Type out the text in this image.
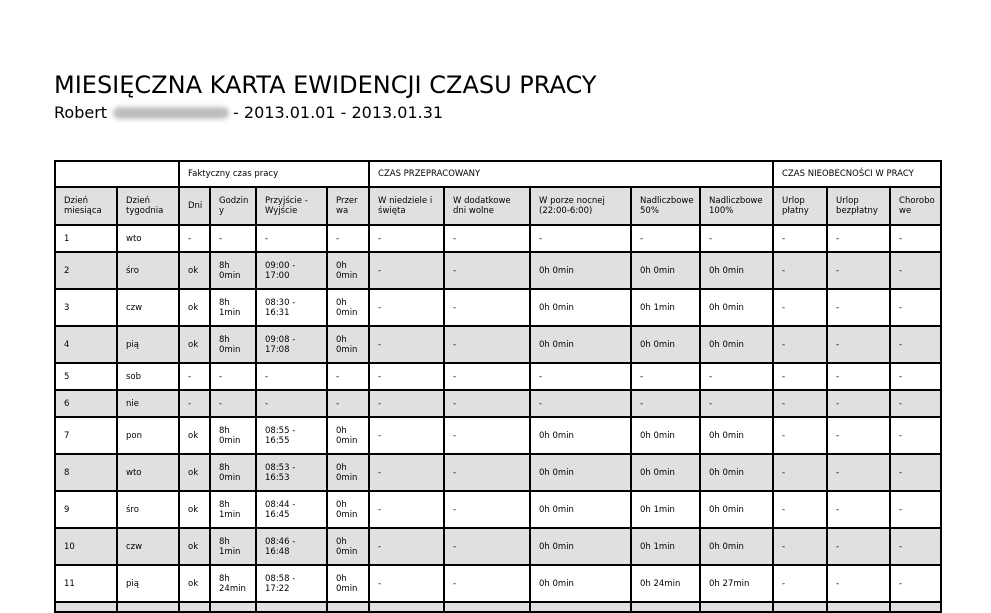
MIESIĘCZNA KARTA EWIDENCJI CZASU PRACY
Robert	- 2013.01.01 - 2013.01.31
		Faktyczny czas pracy				CZAS PRZEPRACOWANY					CZAS NIEOBECNOŚCI W PRACY		
Dzień miesiąca	Dzień tygodnia	Dni	Godzin y	Przyjście - Wyjście	Przer wa	W niedziele i święta	W dodatkowe dni wolne	W porze nocnej (22:00-6:00)	Nadliczbowe 50%	Nadliczbowe 100%	Urlop płatny	Urlop bezpłatny	Chorobo we
1	wto	-	-	-	-	-	-	-	-	-	-	-	-
2	śro	ok	8h 0min	09:00 - 17:00	0h 0min	-	-	0h 0min	0h 0min	0h 0min	-	-	-
3	czw	ok	8h 1min	08:30 - 16:31	0h 0min	-	-	0h 0min	0h 1min	0h 0min	-	-	-
4	pią	ok	8h 0min	09:08 - 17:08	0h 0min	-	-	0h 0min	0h 0min	0h 0min	-	-	-
5	sob	-	-	-	-	-	-	-	-	-	-	-	-
6	nie	-	-	-	-	-	-	-	-	-	-	-	-
7	pon	ok	8h 0min	08:55 - 16:55	0h 0min	-	-	0h 0min	0h 0min	0h 0min	-	-	-
8	wto	ok	8h 0min	08:53 - 16:53	0h 0min	-	-	0h 0min	0h 0min	0h 0min	-	-	-
9	śro	ok	8h 1min	08:44 - 16:45	0h 0min	-	-	0h 0min	0h 1min	0h 0min	-	-	-
10	czw	ok	8h 1min	08:46 - 16:48	0h 0min	-	-	0h 0min	0h 1min	0h 0min	-	-	-
11	pią	ok	8h 24min	08:58 - 17:22	0h 0min	-	-	0h 0min	0h 24min	0h 27min	-	-	-
